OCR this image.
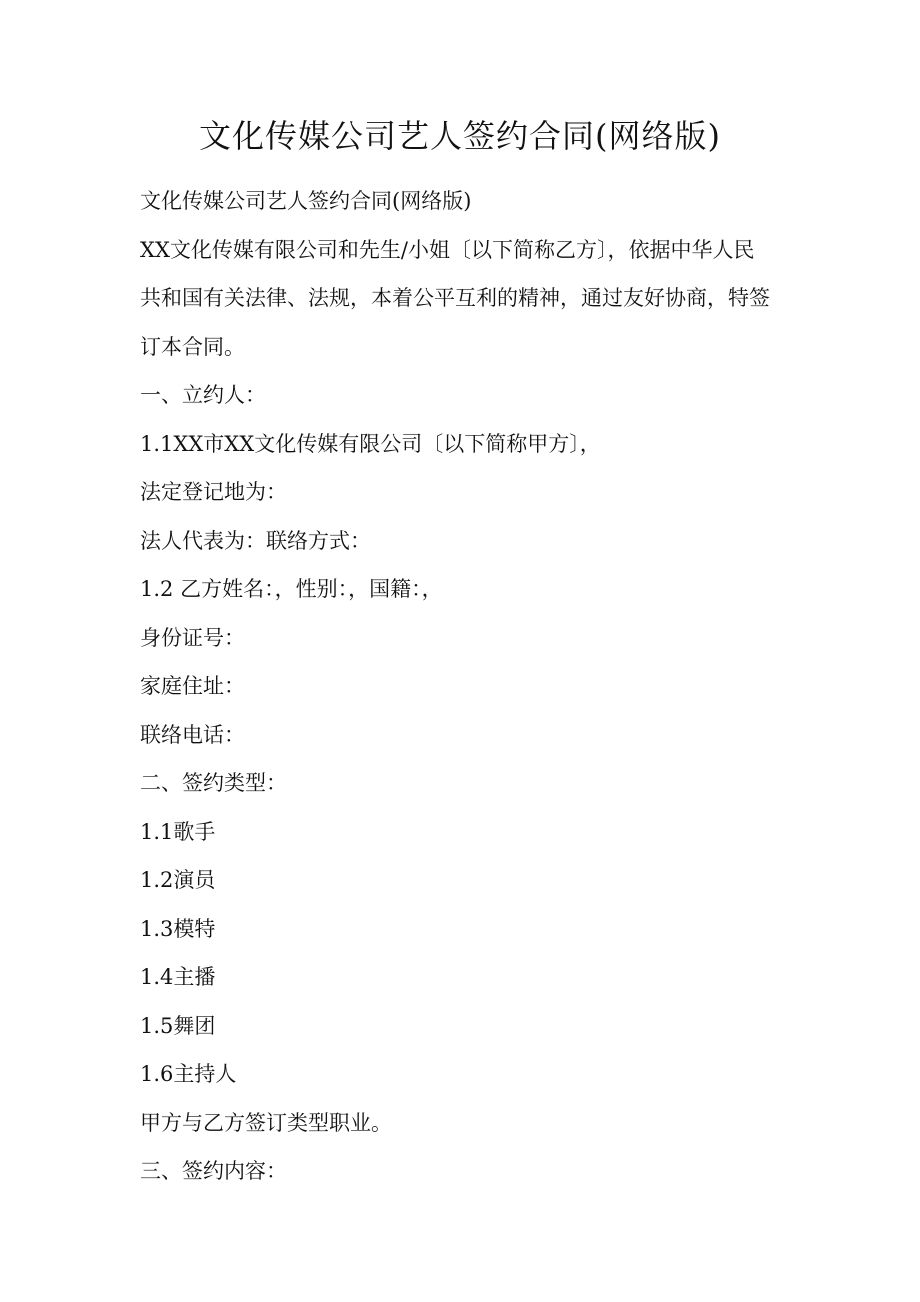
文化传媒公司艺人签约合同(网络版)
文化传媒公司艺人签约合同(网络版)
XX文化传媒有限公司和先生/小姐〔以下简称乙方〕，依据中华人民
共和国有关法律、法规，本着公平互利的精神，通过友好协商，特签
订本合同。
一、立约人：
1.1XX市XX文化传媒有限公司〔以下简称甲方〕，
法定登记地为：
法人代表为：联络方式：
1.2 乙方姓名：，性别：，国籍：，
身份证号：
家庭住址：
联络电话：
二、签约类型：
1.1歌手
1.2演员
1.3模特
1.4主播
1.5舞团
1.6主持人
甲方与乙方签订类型职业。
三、签约内容：
